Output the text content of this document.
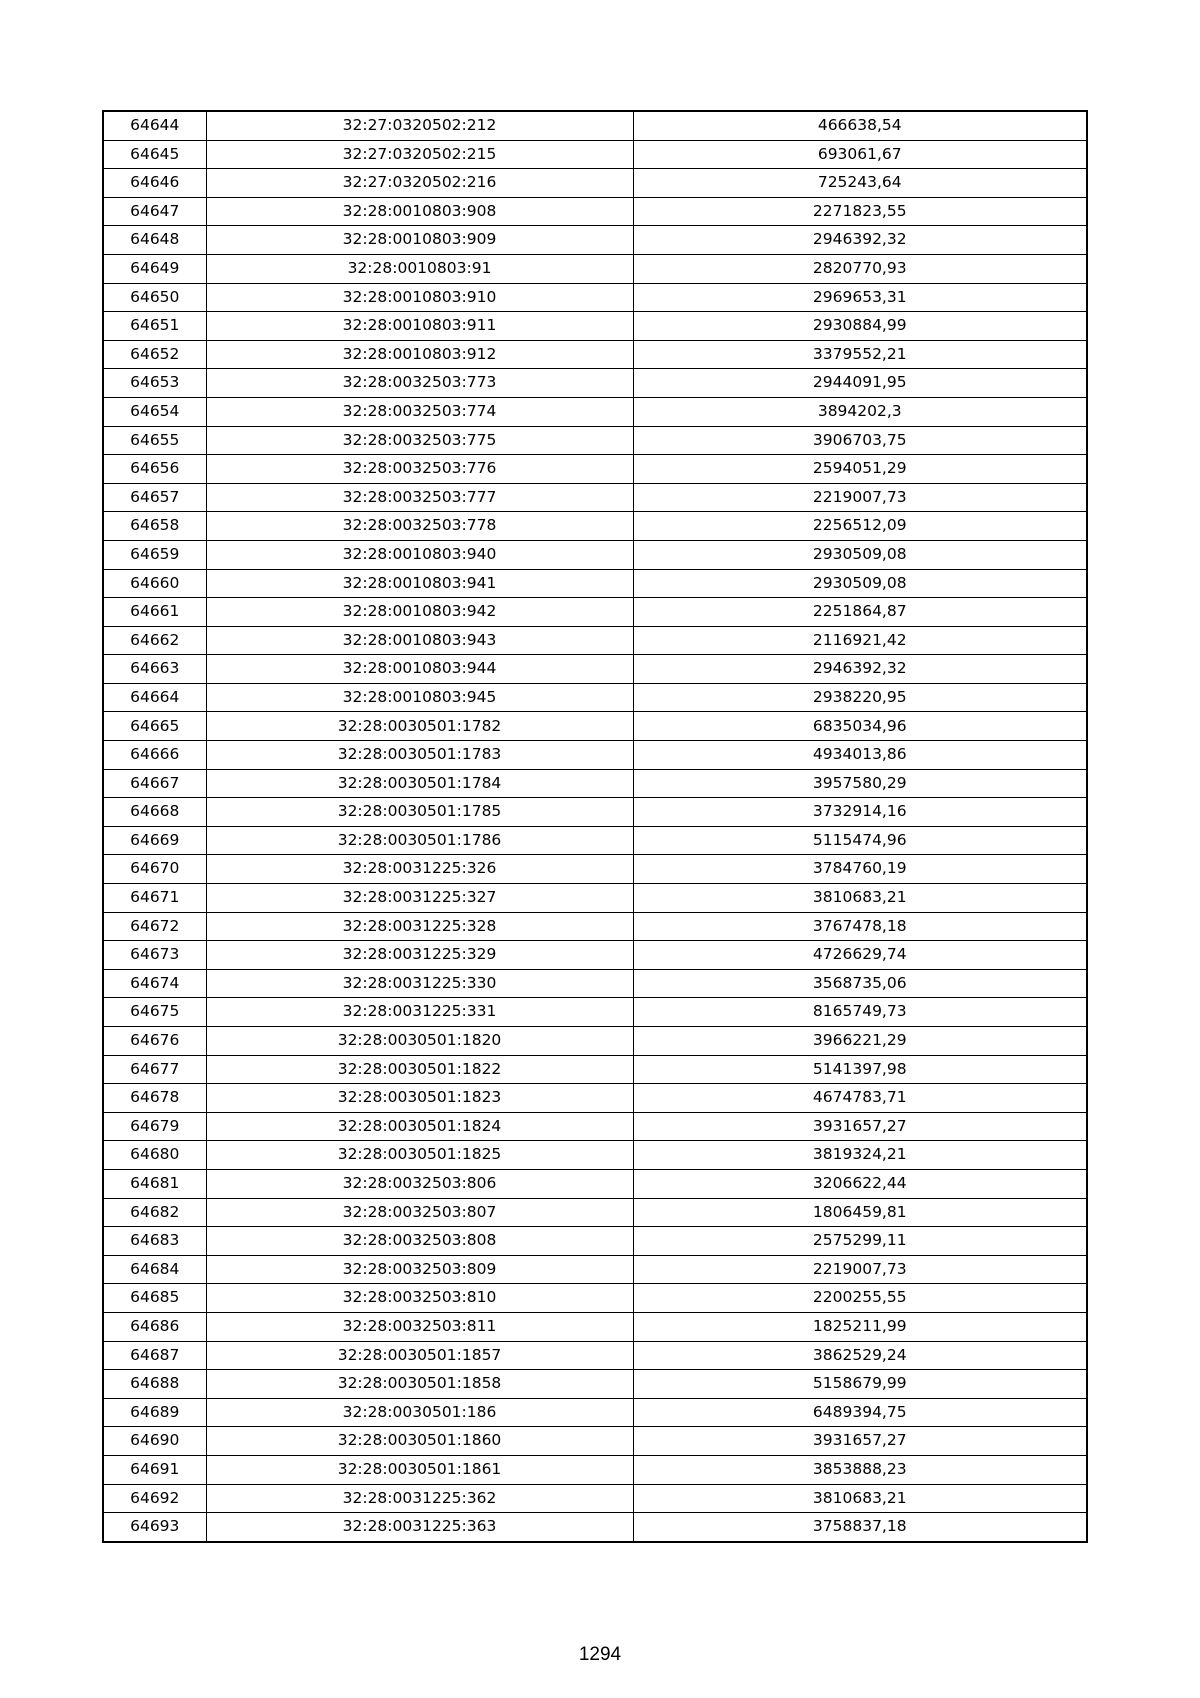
64644	32:27:0320502:212	466638,54
64645	32:27:0320502:215	693061,67
64646	32:27:0320502:216	725243,64
64647	32:28:0010803:908	2271823,55
64648	32:28:0010803:909	2946392,32
64649	32:28:0010803:91	2820770,93
64650	32:28:0010803:910	2969653,31
64651	32:28:0010803:911	2930884,99
64652	32:28:0010803:912	3379552,21
64653	32:28:0032503:773	2944091,95
64654	32:28:0032503:774	3894202,3
64655	32:28:0032503:775	3906703,75
64656	32:28:0032503:776	2594051,29
64657	32:28:0032503:777	2219007,73
64658	32:28:0032503:778	2256512,09
64659	32:28:0010803:940	2930509,08
64660	32:28:0010803:941	2930509,08
64661	32:28:0010803:942	2251864,87
64662	32:28:0010803:943	2116921,42
64663	32:28:0010803:944	2946392,32
64664	32:28:0010803:945	2938220,95
64665	32:28:0030501:1782	6835034,96
64666	32:28:0030501:1783	4934013,86
64667	32:28:0030501:1784	3957580,29
64668	32:28:0030501:1785	3732914,16
64669	32:28:0030501:1786	5115474,96
64670	32:28:0031225:326	3784760,19
64671	32:28:0031225:327	3810683,21
64672	32:28:0031225:328	3767478,18
64673	32:28:0031225:329	4726629,74
64674	32:28:0031225:330	3568735,06
64675	32:28:0031225:331	8165749,73
64676	32:28:0030501:1820	3966221,29
64677	32:28:0030501:1822	5141397,98
64678	32:28:0030501:1823	4674783,71
64679	32:28:0030501:1824	3931657,27
64680	32:28:0030501:1825	3819324,21
64681	32:28:0032503:806	3206622,44
64682	32:28:0032503:807	1806459,81
64683	32:28:0032503:808	2575299,11
64684	32:28:0032503:809	2219007,73
64685	32:28:0032503:810	2200255,55
64686	32:28:0032503:811	1825211,99
64687	32:28:0030501:1857	3862529,24
64688	32:28:0030501:1858	5158679,99
64689	32:28:0030501:186	6489394,75
64690	32:28:0030501:1860	3931657,27
64691	32:28:0030501:1861	3853888,23
64692	32:28:0031225:362	3810683,21
64693	32:28:0031225:363	3758837,18
1294
